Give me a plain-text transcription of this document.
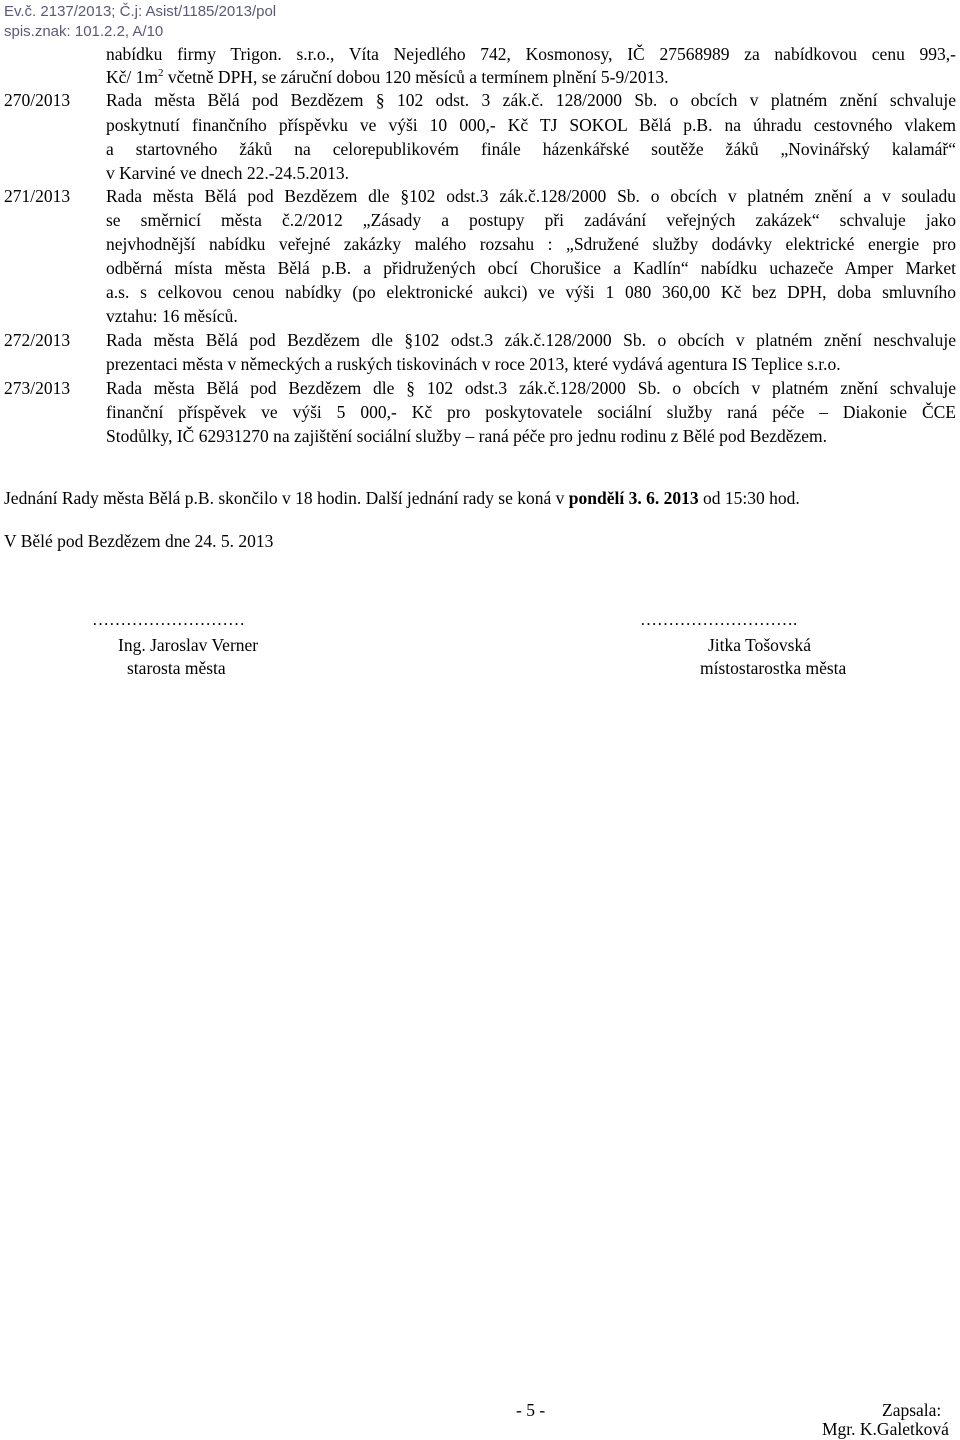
Ev.č. 2137/2013; Č.j: Asist/1185/2013/pol
spis.znak: 101.2.2, A/10
nabídku firmy Trigon. s.r.o., Víta Nejedlého 742, Kosmonosy, IČ 27568989 za nabídkovou cenu 993,-
Kč/ $1m^2$ včetně DPH, se záruční dobou 120 měsíců a termínem plnění 5-9/2013.
270/2013 Rada města Bělá pod Bezdězem § 102 odst. 3 zák.č. 128/2000 Sb. o obcích v platném znění schvaluje
poskytnutí finančního příspěvku ve výši 10 000,- Kč TJ SOKOL Bělá p.B. na úhradu cestovného vlakem
a startovného žáků na celorepublikovém finále házenkářské soutěže žáků „Novinářský kalamář“
v Karviné ve dnech 22.-24.5.2013.
271/2013 Rada města Bělá pod Bezdězem dle §102 odst.3 zák.č.128/2000 Sb. o obcích v platném znění a v souladu
se směrnicí města č.2/2012 „Zásady a postupy při zadávání veřejných zakázek“ schvaluje jako
nejvhodnější nabídku veřejné zakázky malého rozsahu : „Sdružené služby dodávky elektrické energie pro
odběrná místa města Bělá p.B. a přidružených obcí Chorušice a Kadlín“ nabídku uchazeče Amper Market
a.s. s celkovou cenou nabídky (po elektronické aukci) ve výši 1 080 360,00 Kč bez DPH, doba smluvního
vztahu: 16 měsíců.
272/2013 Rada města Bělá pod Bezdězem dle §102 odst.3 zák.č.128/2000 Sb. o obcích v platném znění neschvaluje
prezentaci města v německých a ruských tiskovinách v roce 2013, které vydává agentura IS Teplice s.r.o.
273/2013 Rada města Bělá pod Bezdězem dle § 102 odst.3 zák.č.128/2000 Sb. o obcích v platném znění schvaluje
finanční příspěvek ve výši 5 000,- Kč pro poskytovatele sociální služby raná péče – Diakonie ČCE
Stodůlky, IČ 62931270 na zajištění sociální služby – raná péče pro jednu rodinu z Bělé pod Bezdězem.
Jednání Rady města Bělá p.B. skončilo v 18 hodin. Další jednání rady se koná v pondělí 3. 6. 2013 od 15:30 hod.
V Bělé pod Bezdězem dne 24. 5. 2013
………………………
Ing. Jaroslav Verner
starosta města
……………………….
Jitka Tošovská
místostarostka města
- 5 -	Zapsala:
Mgr. K.Galetková
